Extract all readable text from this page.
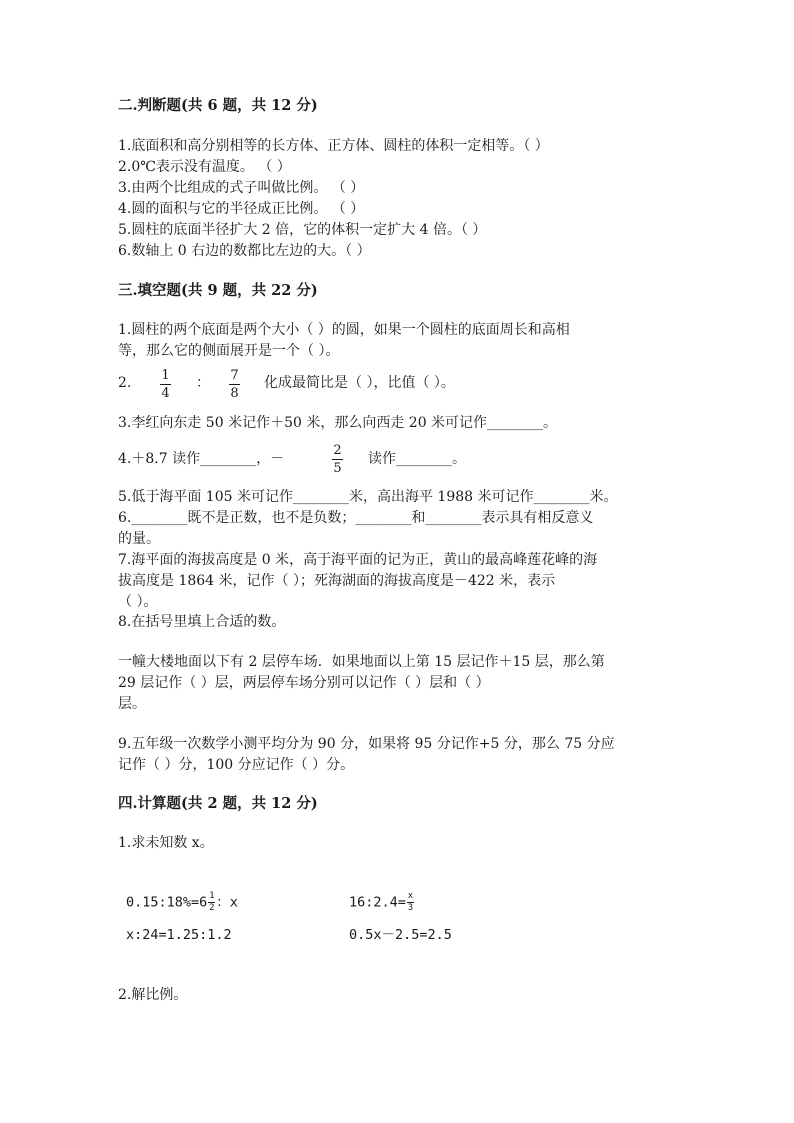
二.判断题(共 6 题，共 12 分)
1.底面积和高分别相等的长方体、正方体、圆柱的体积一定相等。（ ）
2.0℃表示没有温度。 （ ）
3.由两个比组成的式子叫做比例。 （ ）
4.圆的面积与它的半径成正比例。 （ ）
5.圆柱的底面半径扩大 2 倍，它的体积一定扩大 4 倍。（ ）
6.数轴上 0 右边的数都比左边的大。（ ）
三.填空题(共 9 题，共 22 分)
1.圆柱的两个底面是两个大小（ ）的圆，如果一个圆柱的底面周长和高相
等，那么它的侧面展开是一个（ ）。
2. 1
4
： 7
8
化成最简比是（ ），比值（ ）。
3.李红向东走 50 米记作＋50 米，那么向西走 20 米可记作________。
4.＋8.7 读作________，－
2
5
读作________。
5.低于海平面 105 米可记作________米，高出海平 1988 米可记作________米。
6.________既不是正数，也不是负数；________和________表示具有相反意义
的量。
7.海平面的海拔高度是 0 米，高于海平面的记为正，黄山的最高峰莲花峰的海
拔高度是 1864 米，记作（ ）；死海湖面的海拔高度是－422 米，表示
（ ）。
8.在括号里填上合适的数。
一幢大楼地面以下有 2 层停车场．如果地面以上第 15 层记作＋15 层，那么第
29 层记作（ ）层，两层停车场分别可以记作（ ）层和（ ）
层。
9.五年级一次数学小测平均分为 90 分，如果将 95 分记作+5 分，那么 75 分应
记作（ ）分，100 分应记作（ ）分。
四.计算题(共 2 题，共 12 分)
1.求未知数 x。
0.15:18%=6 $\frac{1}{2}$ ：x	16:2.4= $\frac{x}{3}$
x:24=1.25:1.2	0.5x－2.5=2.5
2.解比例。
